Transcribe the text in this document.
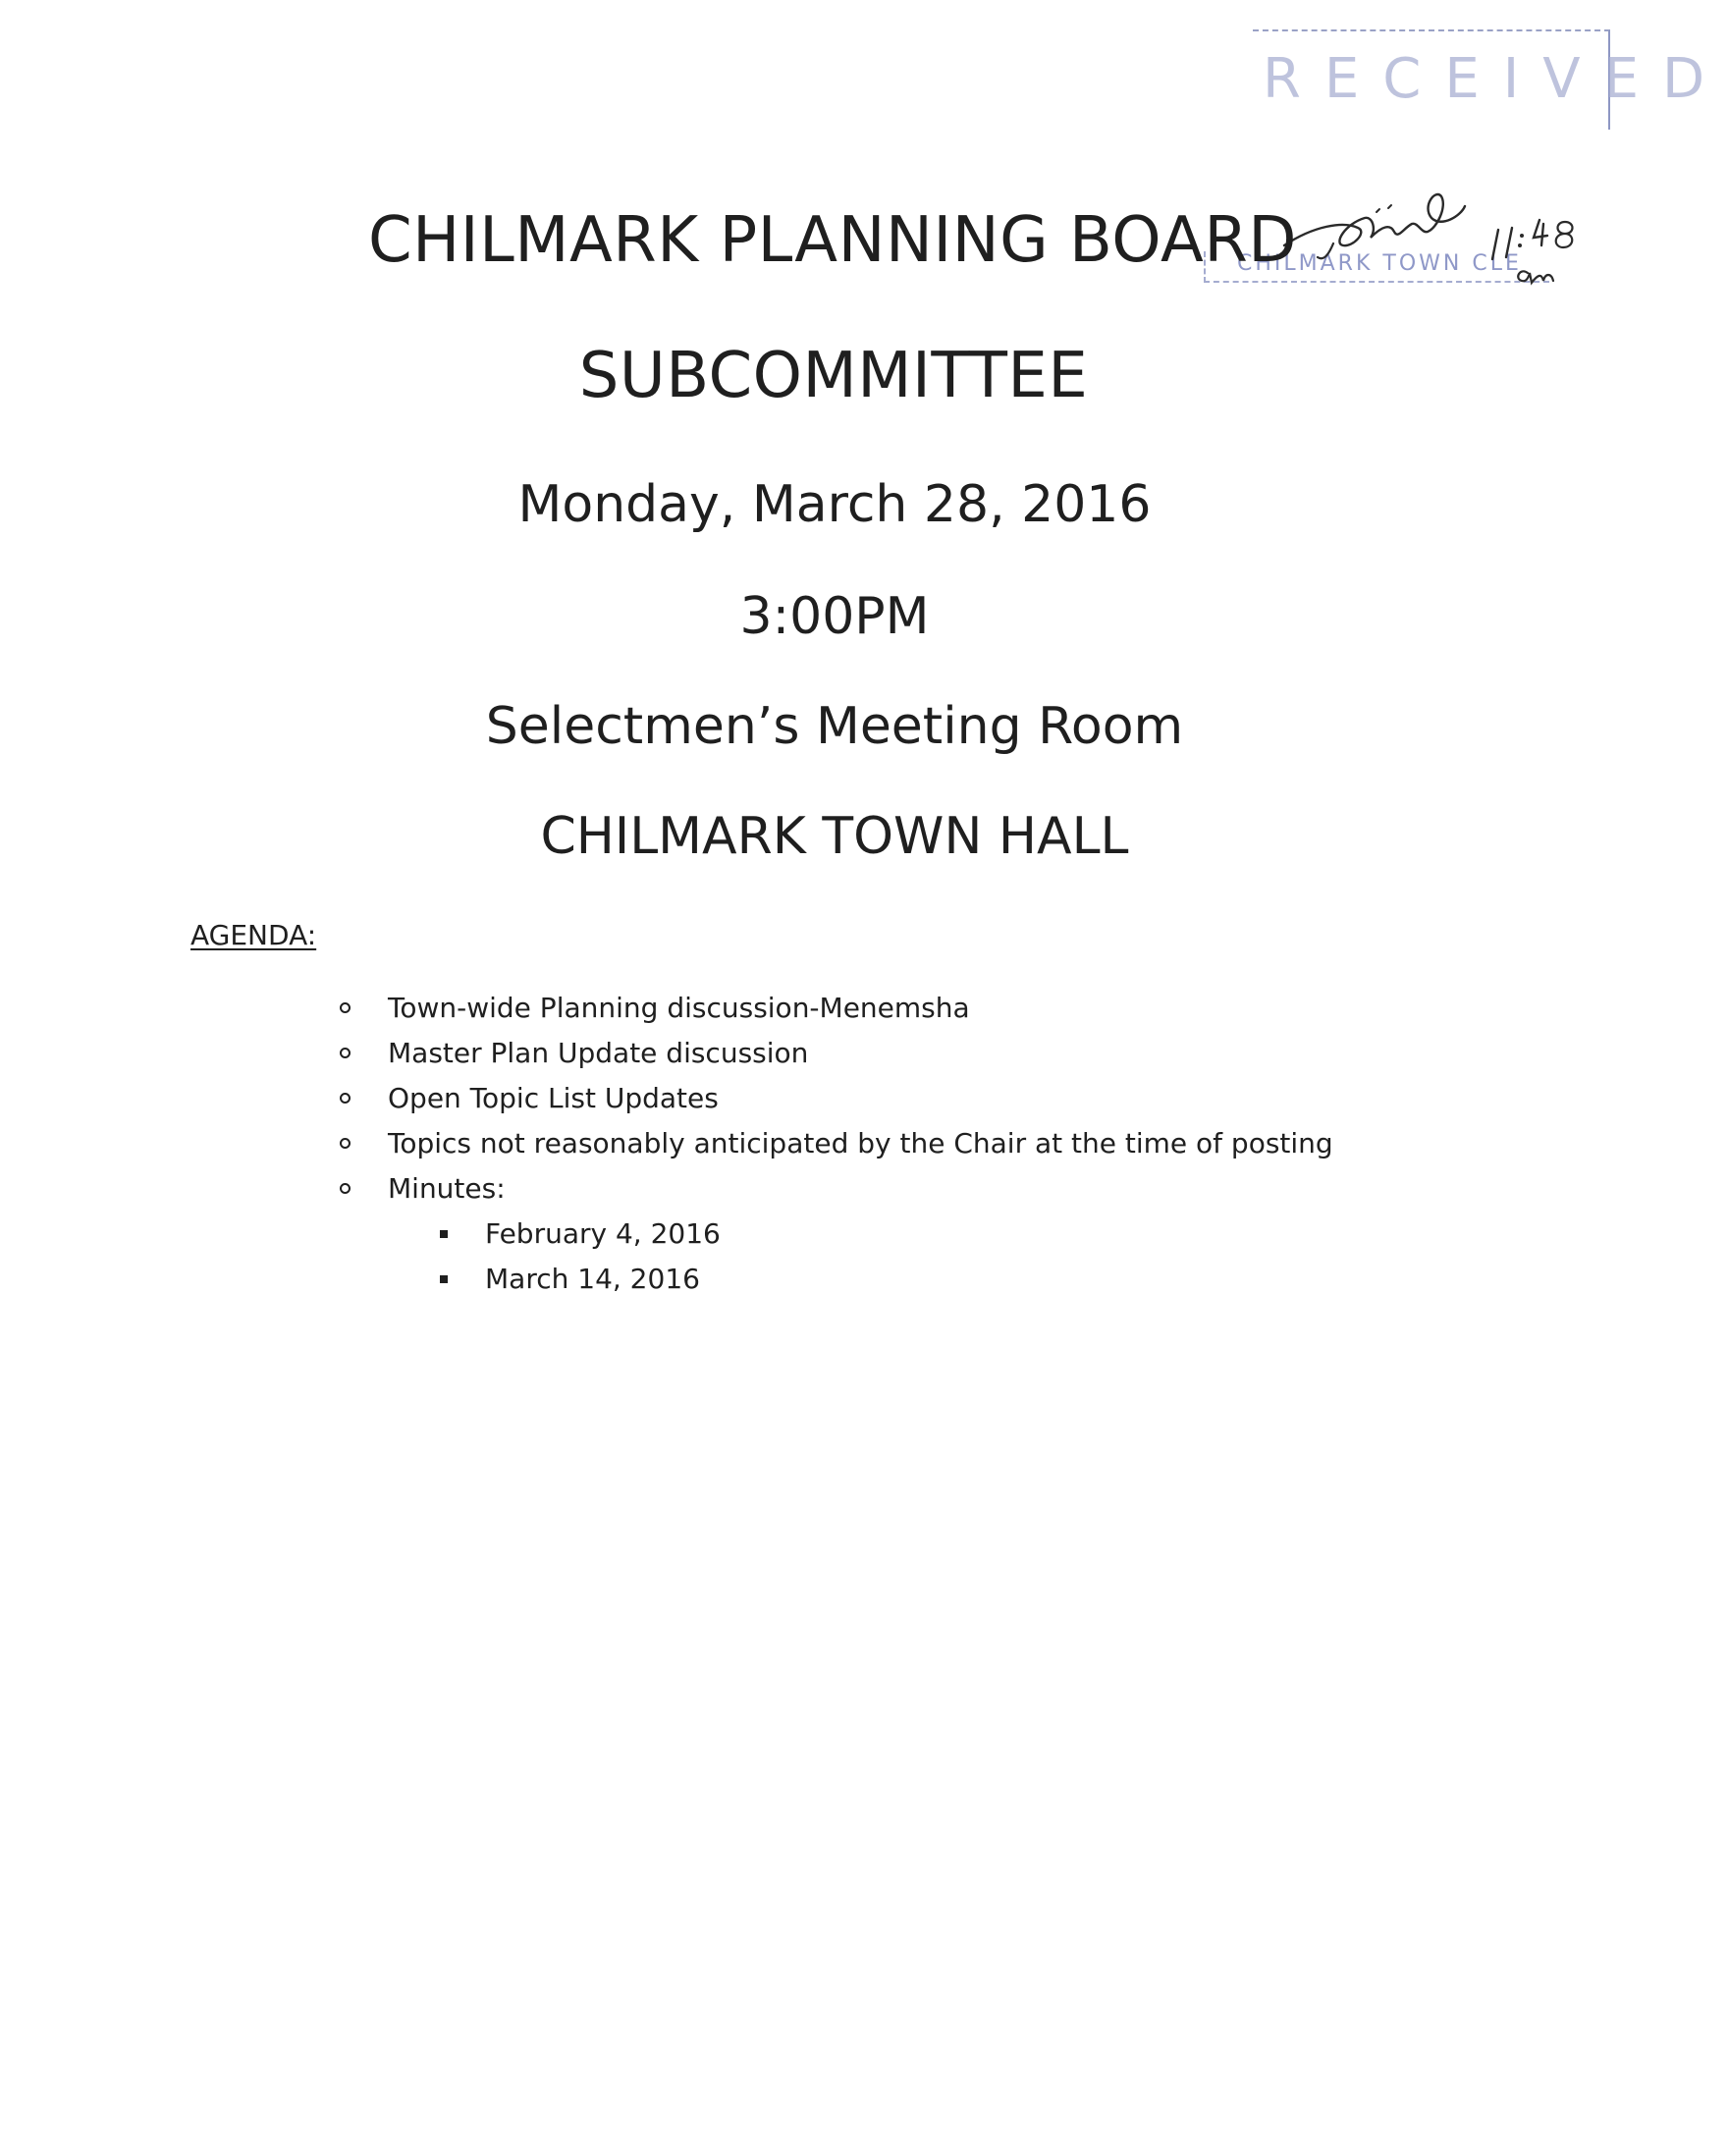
RECEIVED
CHILMARK TOWN CLE
CHILMARK PLANNING BOARD
SUBCOMMITTEE
Monday, March 28, 2016
3:00PM
Selectmen’s Meeting Room
CHILMARK TOWN HALL
AGENDA:
Town-wide Planning discussion-Menemsha
Master Plan Update discussion
Open Topic List Updates
Topics not reasonably anticipated by the Chair at the time of posting
Minutes:
February 4, 2016
March 14, 2016
